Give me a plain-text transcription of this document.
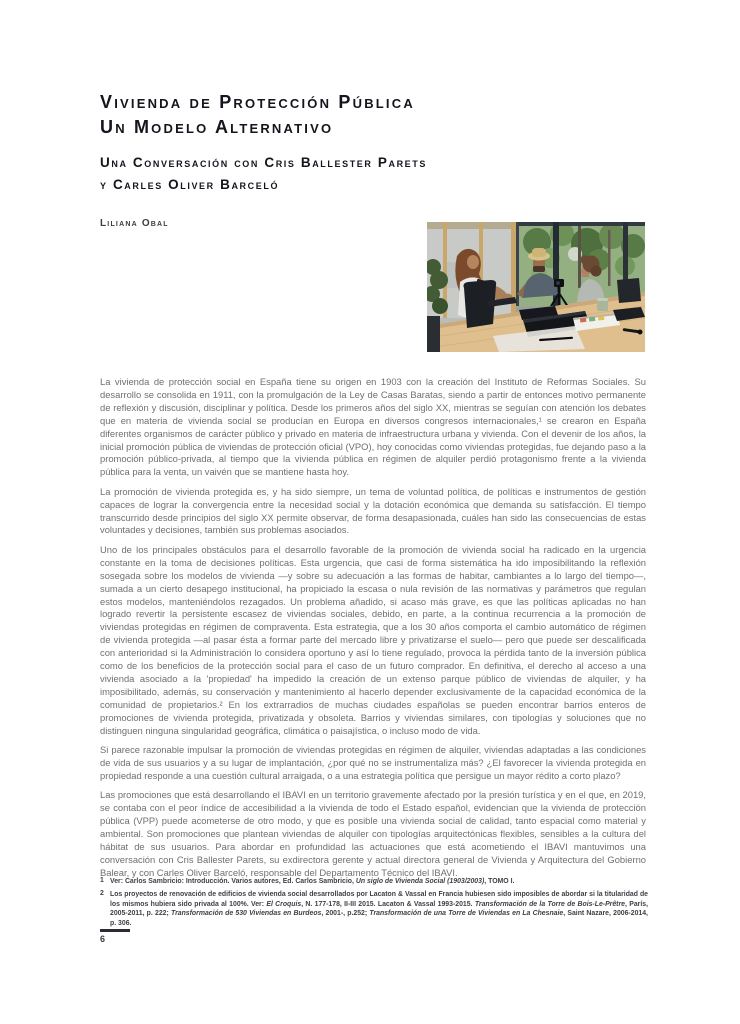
Vivienda de Protección Pública
Un Modelo Alternativo
Una Conversación con Cris Ballester Parets
y Carles Oliver Barceló
Liliana Obal

La vivienda de protección social en España tiene su origen en 1903 con la creación del Instituto de Reformas Sociales. Su desarrollo se consolida en 1911, con la promulgación de la Ley de Casas Baratas, siendo a partir de entonces motivo permanente de reflexión y discusión, disciplinar y política. Desde los primeros años del siglo XX, mientras se seguían con atención los debates que en materia de vivienda social se producían en Europa en diversos congresos internacionales,¹ se crearon en España diferentes organismos de carácter público y privado en materia de infraestructura urbana y vivienda. Con el devenir de los años, la inicial promoción pública de viviendas de protección oficial (VPO), hoy conocidas como viviendas protegidas, fue dejando paso a la promoción público-privada, al tiempo que la vivienda pública en régimen de alquiler perdió protagonismo frente a la vivienda pública para la venta, un vaivén que se mantiene hasta hoy.

La promoción de vivienda protegida es, y ha sido siempre, un tema de voluntad política, de políticas e instrumentos de gestión capaces de lograr la convergencia entre la necesidad social y la dotación económica que demanda su satisfacción. El tiempo transcurrido desde principios del siglo XX permite observar, de forma desapasionada, cuáles han sido las consecuencias de estas voluntades y decisiones, también sus problemas asociados.

Uno de los principales obstáculos para el desarrollo favorable de la promoción de vivienda social ha radicado en la urgencia constante en la toma de decisiones políticas. Esta urgencia, que casi de forma sistemática ha ido imposibilitando la reflexión sosegada sobre los modelos de vivienda —y sobre su adecuación a las formas de habitar, cambiantes a lo largo del tiempo—, sumada a un cierto desapego institucional, ha propiciado la escasa o nula revisión de las normativas y parámetros que regulan estos modelos, manteniéndolos rezagados. Un problema añadido, si acaso más grave, es que las políticas aplicadas no han logrado revertir la persistente escasez de viviendas sociales, debido, en parte, a la continua recurrencia a la promoción de viviendas protegidas en régimen de compraventa. Esta estrategia, que a los 30 años comporta el cambio automático de régimen de vivienda protegida —al pasar ésta a formar parte del mercado libre y privatizarse el suelo— pero que puede ser descalificada con anterioridad si la Administración lo considera oportuno y así lo tiene regulado, provoca la pérdida tanto de la inversión pública como de los beneficios de la protección social para el caso de un futuro comprador. En definitiva, el derecho al acceso a una vivienda asociado a la 'propiedad' ha impedido la creación de un extenso parque público de viviendas de alquiler, y ha imposibilitado, además, su conservación y mantenimiento al hacerlo depender exclusivamente de la capacidad económica de la comunidad de propietarios.² En los extrarradios de muchas ciudades españolas se pueden encontrar barrios enteros de promociones de vivienda protegida, privatizada y obsoleta. Barrios y viviendas similares, con tipologías y soluciones que no distinguen ninguna singularidad geográfica, climática o paisajística, o incluso modo de vida.

Si parece razonable impulsar la promoción de viviendas protegidas en régimen de alquiler, viviendas adaptadas a las condiciones de vida de sus usuarios y a su lugar de implantación, ¿por qué no se instrumentaliza más? ¿El favorecer la vivienda protegida en propiedad responde a una cuestión cultural arraigada, o a una estrategia política que persigue un mayor rédito a corto plazo?

Las promociones que está desarrollando el IBAVI en un territorio gravemente afectado por la presión turística y en el que, en 2019, se contaba con el peor índice de accesibilidad a la vivienda de todo el Estado español, evidencian que la vivienda de protección pública (VPP) puede acometerse de otro modo, y que es posible una vivienda social de calidad, tanto espacial como material y ambiental. Son promociones que plantean viviendas de alquiler con tipologías arquitectónicas flexibles, sensibles a la cultura del hábitat de sus usuarios. Para abordar en profundidad las actuaciones que está acometiendo el IBAVI mantuvimos una conversación con Cris Ballester Parets, su exdirectora gerente y actual directora general de Vivienda y Arquitectura del Gobierno Balear, y con Carles Oliver Barceló, responsable del Departamento Técnico del IBAVI.

1 Ver: Carlos Sambricio: Introducción. Varios autores, Ed. Carlos Sambricio, Un siglo de Vivienda Social (1903/2003), TOMO I.
2 Los proyectos de renovación de edificios de vivienda social desarrollados por Lacaton & Vassal en Francia hubiesen sido imposibles de abordar si la titularidad de los mismos hubiera sido privada al 100%. Ver: El Croquis, N. 177-178, II-III 2015. Lacaton & Vassal 1993-2015. Transformación de la Torre de Bois-Le-Prêtre, París, 2005-2011, p. 222; Transformación de 530 Viviendas en Burdeos, 2001-, p.252; Transformación de una Torre de Viviendas en La Chesnaie, Saint Nazare, 2006-2014, p. 306.
6
